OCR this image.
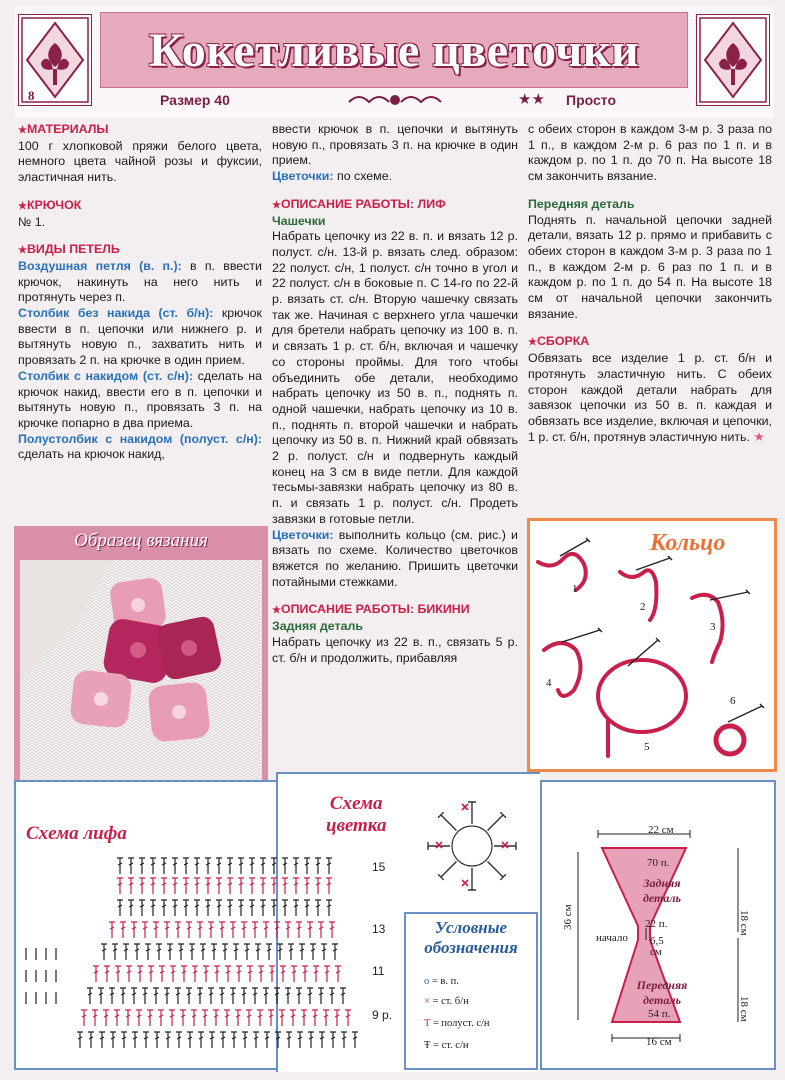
Кокетливые цветочки
8	Размер 40	★★ Просто
★ МАТЕРИАЛЫ

100 г хлопковой пряжи белого цвета, немного цвета чайной розы и фуксии, эластичная нить.

★ КРЮЧОК

№ 1.

★ ВИДЫ ПЕТЕЛЬ

Воздушная петля (в. п.): в п. ввести крючок, накинуть на него нить и протянуть через п.

Столбик без накида (ст. б/н): крючок ввести в п. цепочки или нижнего р. и вытянуть новую п., захватить нить и провязать 2 п. на крючке в один прием.

Столбик с накидом (ст. с/н): сделать на крючок накид, ввести его в п. цепочки и вытянуть новую п., провязать 3 п. на крючке попарно в два приема.

Полустолбик с накидом (полуст. с/н): сделать на крючок накид,

ввести крючок в п. цепочки и вытянуть новую п., провязать 3 п. на крючке в один прием.

Цветочки: по схеме.

★ ОПИСАНИЕ РАБОТЫ: ЛИФ
Чашечки

Набрать цепочку из 22 в. п. и вязать 12 р. полуст. с/н. 13-й р. вязать след. образом: 22 полуст. с/н, 1 полуст. с/н точно в угол и 22 полуст. с/н в боковые п. С 14-го по 22-й р. вязать ст. с/н. Вторую чашечку связать так же. Начиная с верхнего угла чашечки для бретели набрать цепочку из 100 в. п. и связать 1 р. ст. б/н, включая и чашечку со стороны проймы. Для того чтобы объединить обе детали, необходимо набрать цепочку из 50 в. п., поднять п. одной чашечки, набрать цепочку из 10 в. п., поднять п. второй чашечки и набрать цепочку из 50 в. п. Нижний край обвязать 2 р. полуст. с/н и подвернуть каждый конец на 3 см в виде петли. Для каждой тесьмы-завязки набрать цепочку из 80 в. п. и связать 1 р. полуст. с/н. Продеть завязки в готовые петли.

Цветочки: выполнить кольцо (см. рис.) и вязать по схеме. Количество цветочков вяжется по желанию. Пришить цветочки потайными стежками.

★ ОПИСАНИЕ РАБОТЫ: БИКИНИ
Задняя деталь

Набрать цепочку из 22 в. п., связать 5 р. ст. б/н и продолжить, прибавляя

с обеих сторон в каждом 3-м р. 3 раза по 1 п., в каждом 2-м р. 6 раз по 1 п. и в каждом р. по 1 п. до 70 п. На высоте 18 см закончить вязание.

Передняя деталь

Поднять п. начальной цепочки задней детали, вязать 12 р. прямо и прибавить с обеих сторон в каждом 3-м р. 3 раза по 1 п., в каждом 2-м р. 6 раз по 1 п. и в каждом р. по 1 п. до 54 п. На высоте 18 см от начальной цепочки закончить вязание.

★ СБОРКА

Обвязать все изделие 1 р. ст. б/н и протянуть эластичную нить. С обеих сторон каждой детали набрать для завязок цепочки из 50 в. п. каждая и обвязать все изделие, включая и цепочки, 1 р. ст. б/н, протянув эластичную нить. ★

Образец вязания	Кольцо
1
2
3
4
5
6
Схема лифа
Схема
цветка
15
13
11
9 р.
Условные
обозначения
o = в. п.
× = ст. б/н
T = полуст. с/н
Ŧ = ст. с/н
22 см
16 см
36 см	18 см
18 см
70 п.
Задняя
деталь
22 п.
начало 6,5
см
Передняя
деталь
54 п.
